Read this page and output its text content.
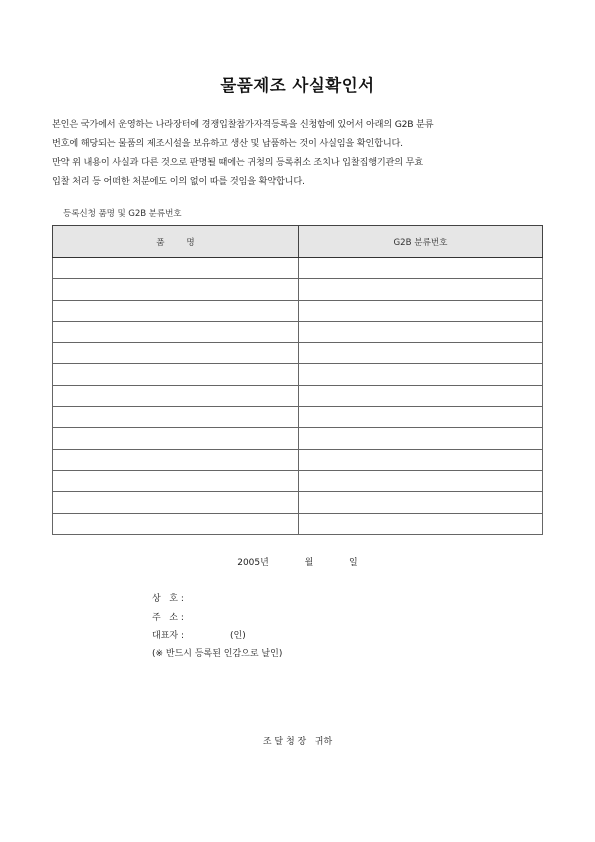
물품제조 사실확인서
본인은 국가에서 운영하는 나라장터에 경쟁입찰참가자격등록을 신청함에 있어서 아래의 G2B 분류
번호에 해당되는 물품의 제조시설을 보유하고 생산 및 납품하는 것이 사실임을 확인합니다.
만약 위 내용이 사실과 다른 것으로 판명될 때에는 귀청의 등록취소 조치나 입찰집행기관의 무효
입찰 처리 등 어떠한 처분에도 이의 없이 따를 것임을 확약합니다.
등록신청 품명 및 G2B 분류번호
품        명	G2B 분류번호

2005년	월	일
상   호 :
주   소 :
대표자 :	(인)
(※ 반드시 등록된 인감으로 날인)
조 달 청 장   귀하
